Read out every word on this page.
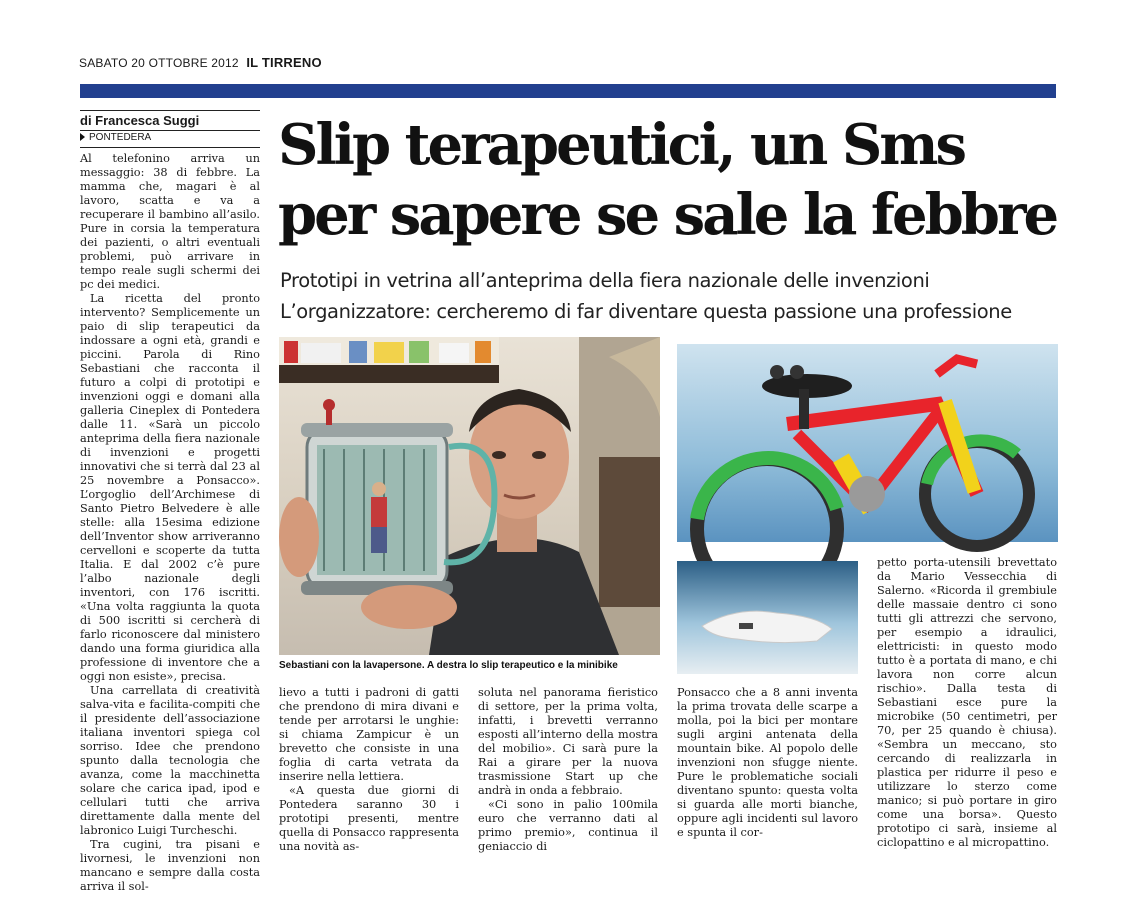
SABATO 20 OTTOBRE 2012 IL TIRRENO
di Francesca Suggi
PONTEDERA Slip terapeutici, un Sms per sapere se sale la febbre
Prototipi in vetrina all’anteprima della fiera nazionale delle invenzioni
L’organizzatore: cercheremo di far diventare questa passione una professione

Al telefonino arriva un messaggio: 38 di febbre. La mamma che, magari è al lavoro, scatta e va a recuperare il bambino all’asilo. Pure in corsia la temperatura dei pazienti, o altri eventuali problemi, può arrivare in tempo reale sugli schermi dei pc dei medici.

La ricetta del pronto intervento? Semplicemente un paio di slip terapeutici da indossare a ogni età, grandi e piccini. Parola di Rino Sebastiani che racconta il futuro a colpi di prototipi e invenzioni oggi e domani alla galleria Cineplex di Pontedera dalle 11. «Sarà un piccolo anteprima della fiera nazionale di invenzioni e progetti innovativi che si terrà dal 23 al 25 novembre a Ponsacco». L’orgoglio dell’Archimese di Santo Pietro Belvedere è alle stelle: alla 15esima edizione dell’Inventor show arriveranno cervelloni e scoperte da tutta Italia. E dal 2002 c’è pure l’albo nazionale degli inventori, con 176 iscritti. «Una volta raggiunta la quota di 500 iscritti si cercherà di farlo riconoscere dal ministero dando una forma giuridica alla professione di inventore che a oggi non esiste», precisa.

Una carrellata di creatività salva-vita e facilita-compiti che il presidente dell’associazione italiana inventori spiega col sorriso. Idee che prendono spunto dalla tecnologia che avanza, come la macchinetta solare che carica ipad, ipod e cellulari tutti che arriva direttamente dalla mente del labronico Luigi Turcheschi.

Tra cugini, tra pisani e livornesi, le invenzioni non mancano e sempre dalla costa arriva il sol-

Sebastiani con la lavapersone. A destra lo slip terapeutico e la minibike

lievo a tutti i padroni di gatti che prendono di mira divani e tende per arrotarsi le unghie: si chiama Zampicur è un brevetto che consiste in una foglia di carta vetrata da inserire nella lettiera.

«A questa due giorni di Pontedera saranno 30 i prototipi presenti, mentre quella di Ponsacco rappresenta una novità as-

soluta nel panorama fieristico di settore, per la prima volta, infatti, i brevetti verranno esposti all’interno della mostra del mobilio». Ci sarà pure la Rai a girare per la nuova trasmissione Start up che andrà in onda a febbraio.

«Ci sono in palio 100mila euro che verranno dati al primo premio», continua il geniaccio di

Ponsacco che a 8 anni inventa la prima trovata delle scarpe a molla, poi la bici per montare sugli argini antenata della mountain bike. Al popolo delle invenzioni non sfugge niente. Pure le problematiche sociali diventano spunto: questa volta si guarda alle morti bianche, oppure agli incidenti sul lavoro e spunta il cor-

petto porta-utensili brevettato da Mario Vessecchia di Salerno. «Ricorda il grembiule delle massaie dentro ci sono tutti gli attrezzi che servono, per esempio a idraulici, elettricisti: in questo modo tutto è a portata di mano, e chi lavora non corre alcun rischio». Dalla testa di Sebastiani esce pure la microbike (50 centimetri, per 70, per 25 quando è chiusa). «Sembra un meccano, sto cercando di realizzarla in plastica per ridurre il peso e utilizzare lo sterzo come manico; si può portare in giro come una borsa». Questo prototipo ci sarà, insieme al ciclopattino e al micropattino.
